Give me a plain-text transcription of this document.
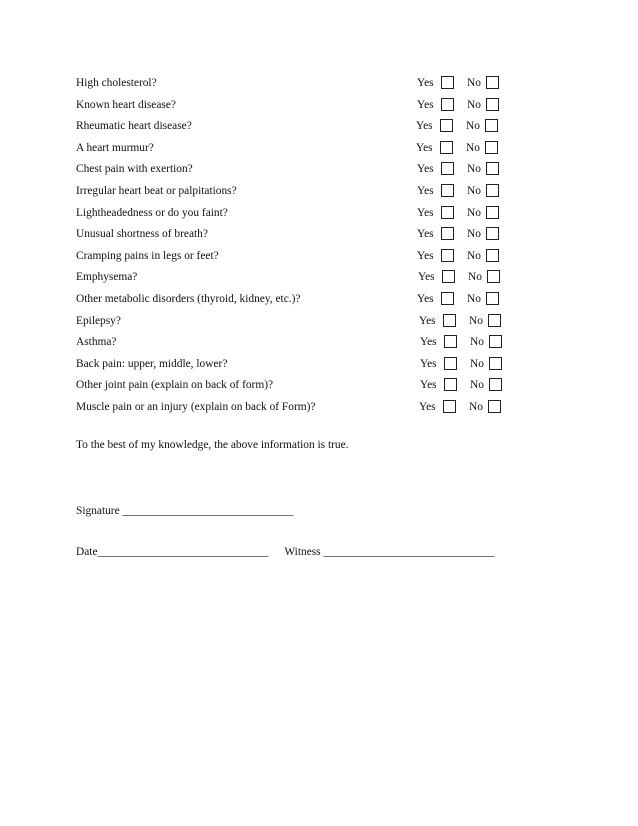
High cholesterol?	Yes	No
Known heart disease?	Yes	No
Rheumatic heart disease?	Yes	No
A heart murmur?	Yes	No
Chest pain with exertion?	Yes	No
Irregular heart beat or palpitations?	Yes	No
Lightheadedness or do you faint?	Yes	No
Unusual shortness of breath?	Yes	No
Cramping pains in legs or feet?	Yes	No
Emphysema?	Yes	No
Other metabolic disorders (thyroid, kidney, etc.)?	Yes	No
Epilepsy?	Yes	No
Asthma?	Yes	No
Back pain: upper, middle, lower?	Yes	No
Other joint pain (explain on back of form)?	Yes	No
Muscle pain or an injury (explain on back of Form)?	Yes	No
To the best of my knowledge, the above information is true.
Signature ______________________________
Date______________________________ Witness ______________________________
